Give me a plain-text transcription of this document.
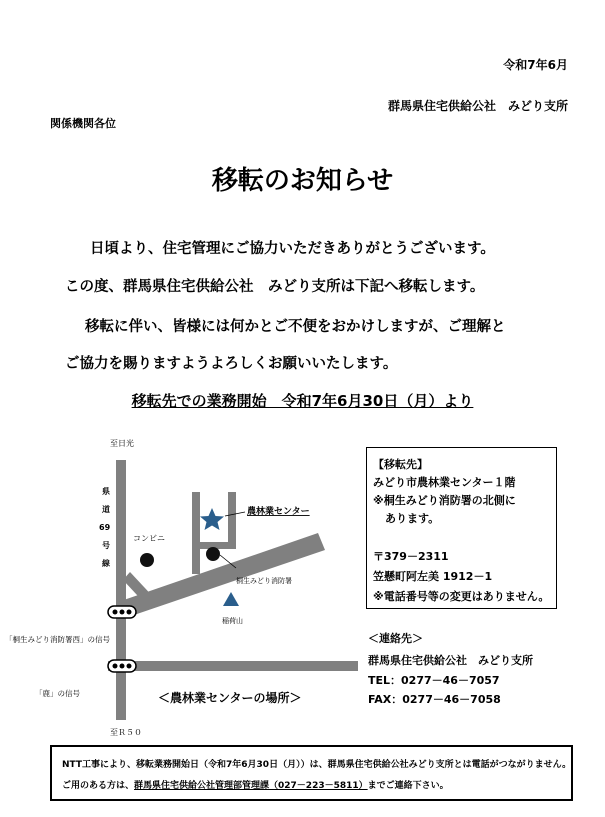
令和7年6月
群馬県住宅供給公社　みどり支所
関係機関各位
移転のお知らせ
日頃より、住宅管理にご協力いただきありがとうございます。
この度、群馬県住宅供給公社　みどり支所は下記へ移転します。
移転に伴い、皆様には何かとご不便をおかけしますが、ご理解と
ご協力を賜りますようよろしくお願いいたします。
移転先での業務開始　令和7年6月30日（月）より
至日光
至Ｒ５０
県
道
69
号
線
コンビニ
農林業センター
桐生みどり消防署
稲荷山
「桐生みどり消防署西」の信号
「鹿」の信号	＜農林業センターの場所＞
【移転先】
みどり市農林業センター１階
※桐生みどり消防署の北側に
あります。
〒379－2311
笠懸町阿左美 1912－1
※電話番号等の変更はありません。
＜連絡先＞
群馬県住宅供給公社　みどり支所
TEL：0277－46－7057
FAX：0277－46－7058
NTT工事により、移転業務開始日（令和7年6月30日（月））は、群馬県住宅供給公社みどり支所とは電話がつながりません。
ご用のある方は、群馬県住宅供給公社管理部管理課（027－223－5811）までご連絡下さい。
